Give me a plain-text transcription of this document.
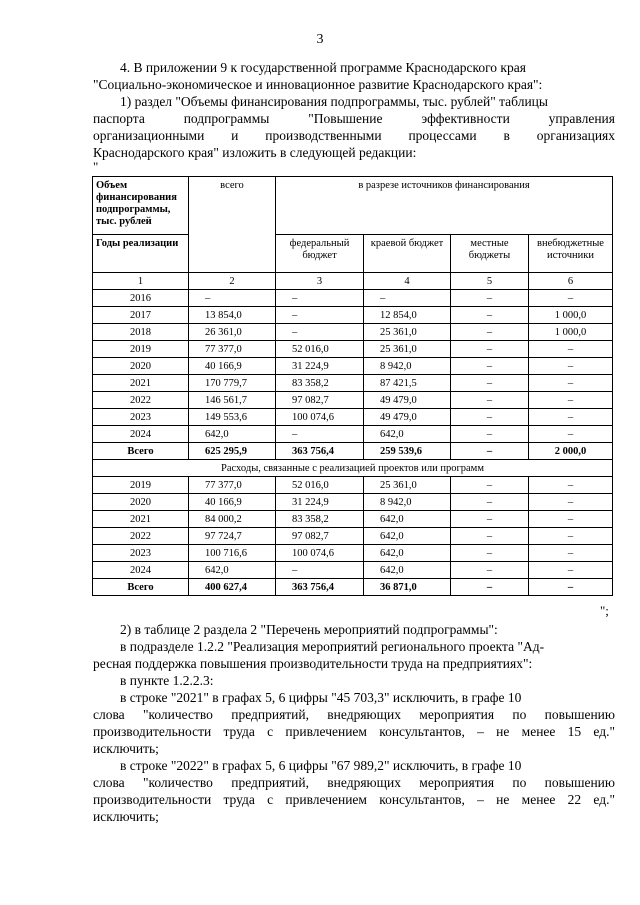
3
4. В приложении 9 к государственной программе Краснодарского края
"Социально-экономическое и инновационное развитие Краснодарского края":
1) раздел "Объемы финансирования подпрограммы, тыс. рублей" таблицы
паспорта подпрограммы "Повышение эффективности управления
организационными и производственными процессами в организациях
Краснодарского края" изложить в следующей редакции:
"
Объем финансирования подпрограммы, тыс. рублей	всего	в разрезе источников финансирования			
Годы реализации		федеральный бюджет	краевой бюджет	местные бюджеты	внебюджетные источники
1	2	3	4	5	6
2016	–	–	–	–	–
2017	13 854,0	–	12 854,0	–	1 000,0
2018	26 361,0	–	25 361,0	–	1 000,0
2019	77 377,0	52 016,0	25 361,0	–	–
2020	40 166,9	31 224,9	8 942,0	–	–
2021	170 779,7	83 358,2	87 421,5	–	–
2022	146 561,7	97 082,7	49 479,0	–	–
2023	149 553,6	100 074,6	49 479,0	–	–
2024	642,0	–	642,0	–	–
Всего	625 295,9	363 756,4	259 539,6	–	2 000,0
Расходы, связанные с реализацией проектов или программ					
2019	77 377,0	52 016,0	25 361,0	–	–
2020	40 166,9	31 224,9	8 942,0	–	–
2021	84 000,2	83 358,2	642,0	–	–
2022	97 724,7	97 082,7	642,0	–	–
2023	100 716,6	100 074,6	642,0	–	–
2024	642,0	–	642,0	–	–
Всего	400 627,4	363 756,4	36 871,0	–	–
";
2) в таблице 2 раздела 2 "Перечень мероприятий подпрограммы":
в подразделе 1.2.2 "Реализация мероприятий регионального проекта "Ад-
ресная поддержка повышения производительности труда на предприятиях":
в пункте 1.2.2.3:
в строке "2021" в графах 5, 6 цифры "45 703,3" исключить, в графе 10
слова "количество предприятий, внедряющих мероприятия по повышению
производительности труда с привлечением консультантов, – не менее 15 ед."
исключить;
в строке "2022" в графах 5, 6 цифры "67 989,2" исключить, в графе 10
слова "количество предприятий, внедряющих мероприятия по повышению
производительности труда с привлечением консультантов, – не менее 22 ед."
исключить;
